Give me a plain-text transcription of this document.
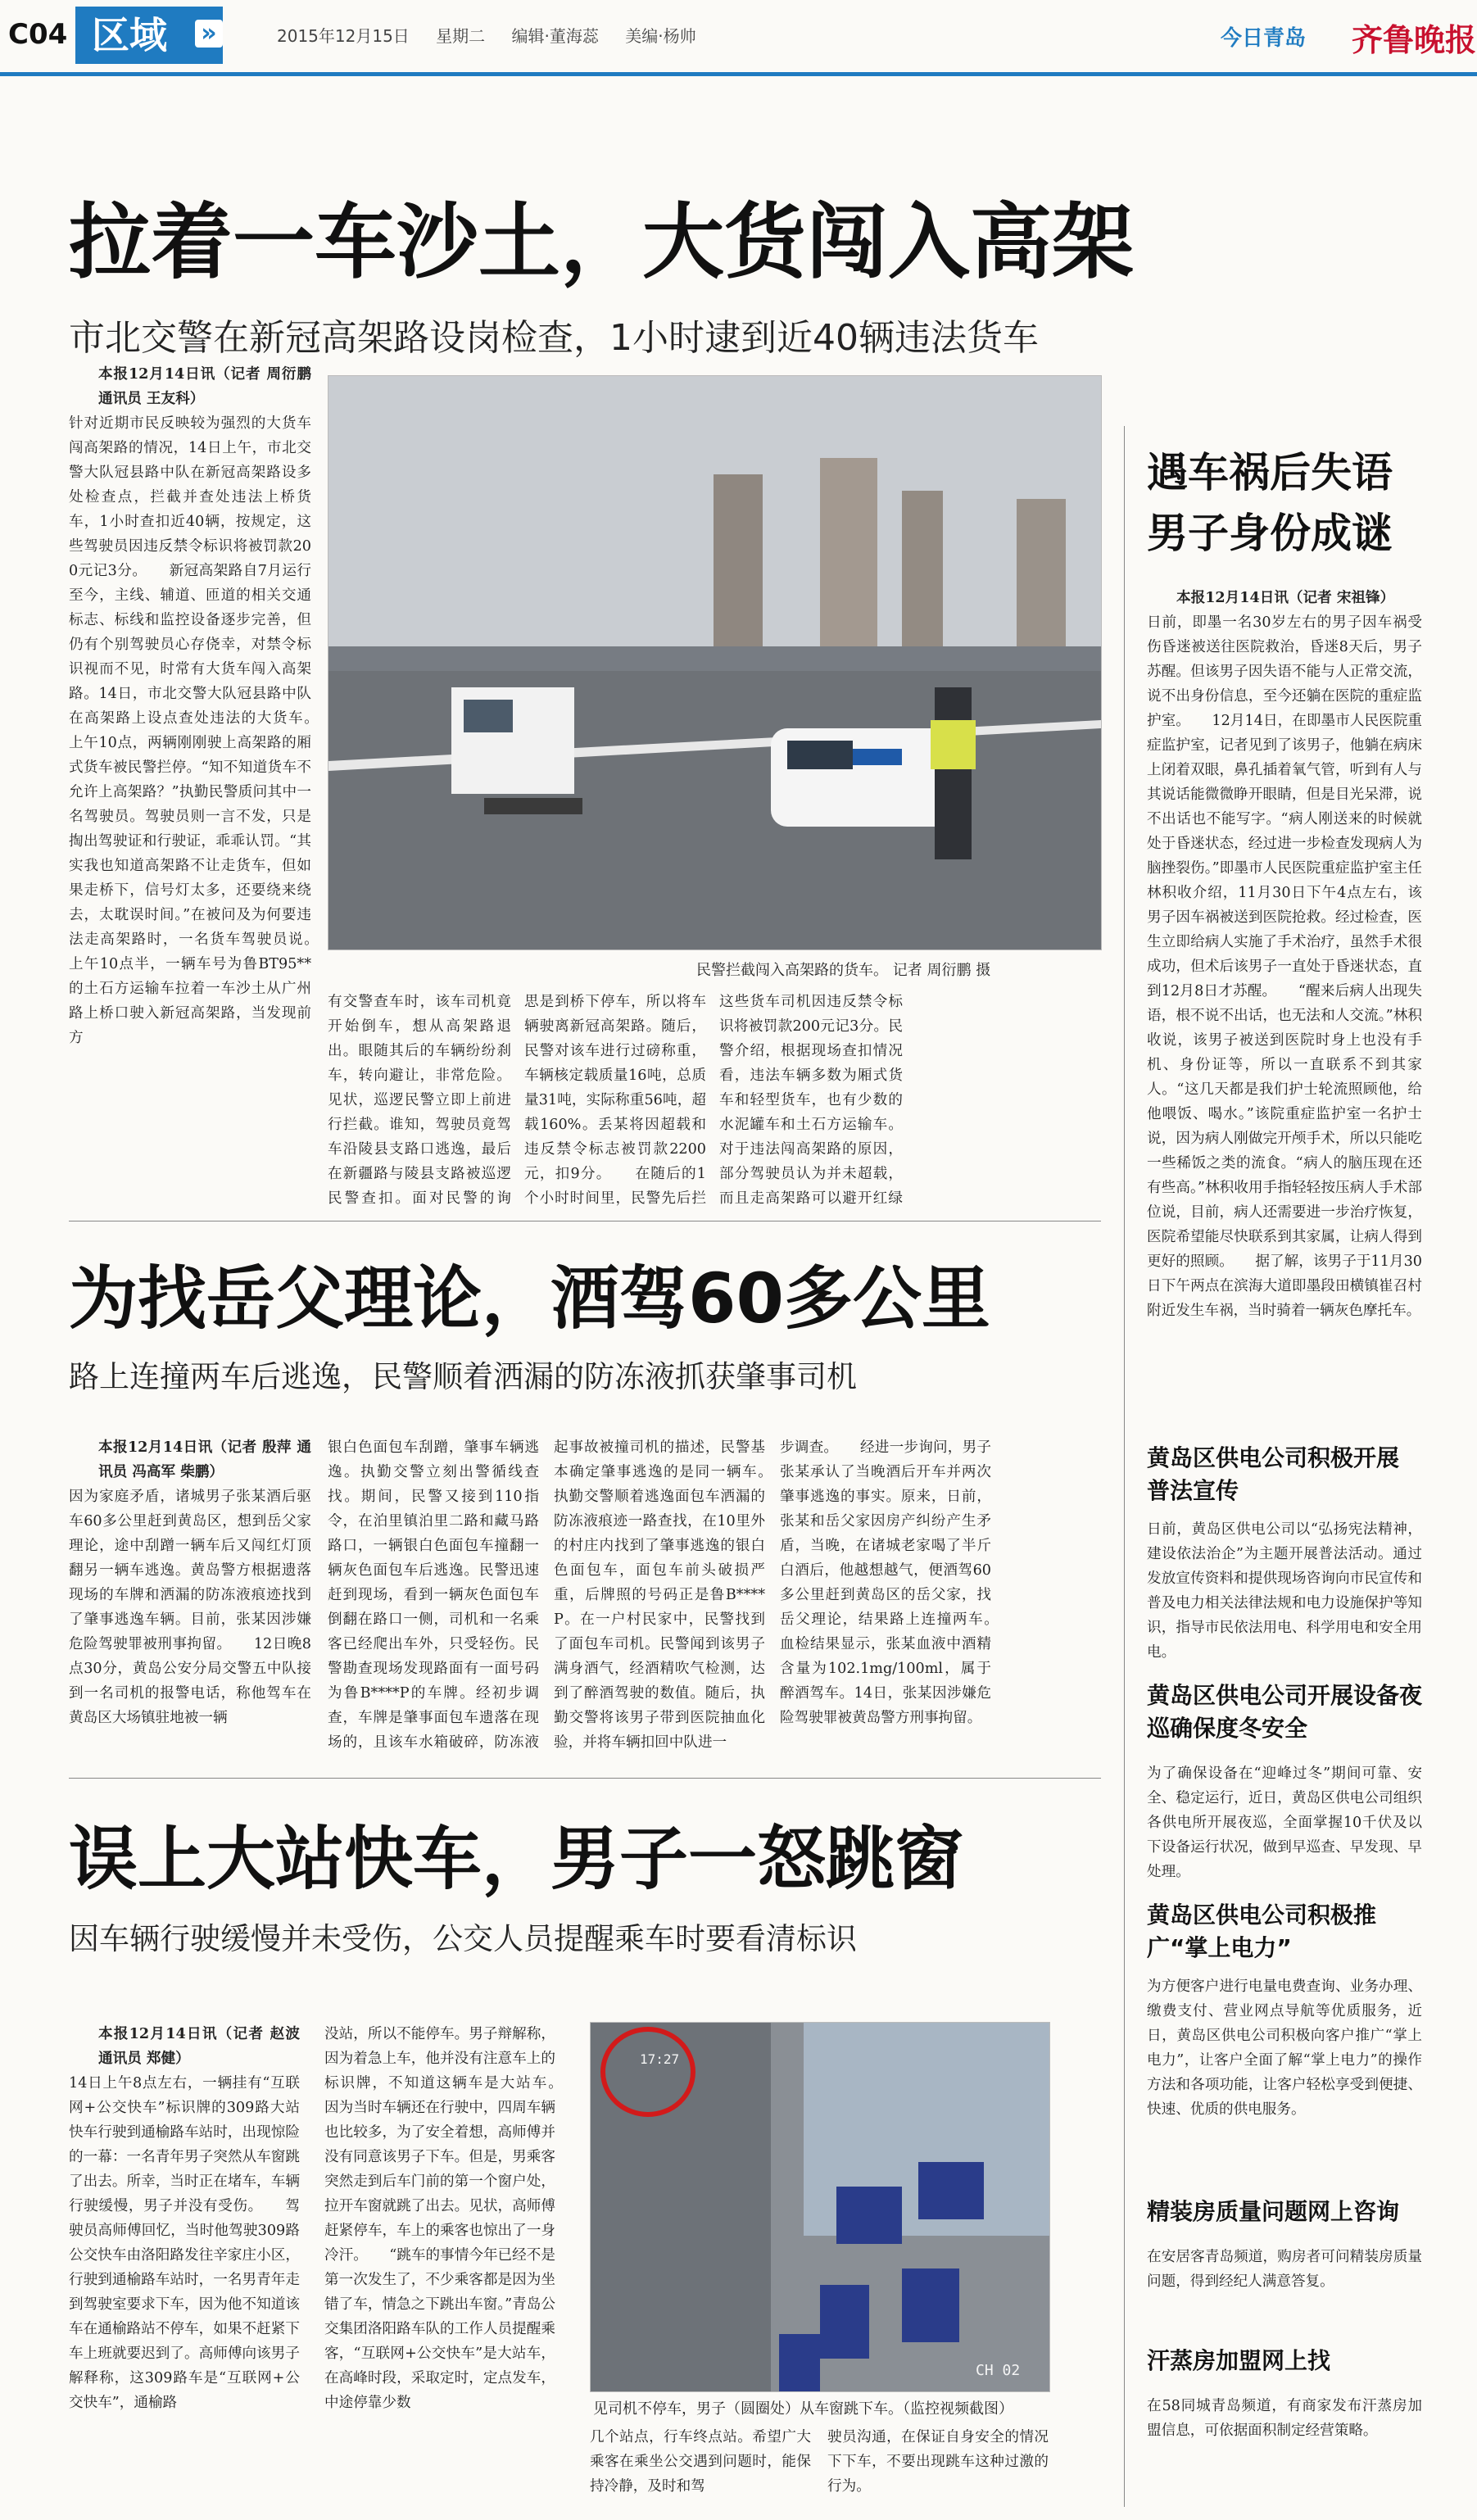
C04 区域	»	2015年12月15日 星期二 编辑·董海蕊 美编·杨帅	今日青岛 齐鲁晚报
拉着一车沙土，大货闯入高架
市北交警在新冠高架路设岗检查，1小时逮到近40辆违法货车
本报12月14日讯（记者 周衍鹏 通讯员 王友科）
针对近期市民反映较为强烈的大货车闯高架路的情况，14日上午，市北交警大队冠县路中队在新冠高架路设多处检查点，拦截并查处违法上桥货车，1小时查扣近40辆，按规定，这些驾驶员因违反禁令标识将被罚款200元记3分。　　新冠高架路自7月运行至今，主线、辅道、匝道的相关交通标志、标线和监控设备逐步完善，但仍有个别驾驶员心存侥幸，对禁令标识视而不见，时常有大货车闯入高架路。14日，市北交警大队冠县路中队在高架路上设点查处违法的大货车。　　上午10点，两辆刚刚驶上高架路的厢式货车被民警拦停。“知不知道货车不允许上高架路？”执勤民警质问其中一名驾驶员。驾驶员则一言不发，只是掏出驾驶证和行驶证，乖乖认罚。“其实我也知道高架路不让走货车，但如果走桥下，信号灯太多，还要绕来绕去，太耽误时间。”在被问及为何要违法走高架路时，一名货车驾驶员说。　　上午10点半，一辆车号为鲁BT95**的土石方运输车拉着一车沙土从广州路上桥口驶入新冠高架路，当发现前方
民警拦截闯入高架路的货车。 记者 周衍鹏 摄
有交警查车时，该车司机竟开始倒车，想从高架路退出。眼随其后的车辆纷纷刹车，转向避让，非常危险。见状，巡逻民警立即上前进行拦截。谁知，驾驶员竟驾车沿陵县支路口逃逸，最后在新疆路与陵县支路被巡逻民警查扣。面对民警的询
思是到桥下停车，所以将车辆驶离新冠高架路。随后，民警对该车进行过磅称重，车辆核定载质量16吨，总质量31吨，实际称重56吨，超载160%。丢某将因超载和违反禁令标志被罚款2200元，扣9分。　　在随后的1个小时时间里，民警先后拦
这些货车司机因违反禁令标识将被罚款200元记3分。民警介绍，根据现场查扣情况看，违法车辆多数为厢式货车和轻型货车，也有少数的水泥罐车和土石方运输车。对于违法闯高架路的原因，部分驾驶员认为并未超载，而且走高架路可以避开红绿
为找岳父理论，酒驾60多公里
路上连撞两车后逃逸，民警顺着洒漏的防冻液抓获肇事司机
本报12月14日讯（记者 殷萍 通讯员 冯高军 柴鹏）
因为家庭矛盾，诸城男子张某酒后驱车60多公里赶到黄岛区，想到岳父家理论，途中刮蹭一辆车后又闯红灯顶翻另一辆车逃逸。黄岛警方根据遗落现场的车牌和洒漏的防冻液痕迹找到了肇事逃逸车辆。目前，张某因涉嫌危险驾驶罪被刑事拘留。　　12日晚8点30分，黄岛公安分局交警五中队接到一名司机的报警电话，称他驾车在黄岛区大场镇驻地被一辆
银白色面包车刮蹭，肇事车辆逃逸。执勤交警立刻出警循线查找。期间，民警又接到110指令，在泊里镇泊里二路和藏马路路口，一辆银白色面包车撞翻一辆灰色面包车后逃逸。民警迅速赶到现场，看到一辆灰色面包车倒翻在路口一侧，司机和一名乘客已经爬出车外，只受轻伤。民警勘查现场发现路面有一面号码为鲁B****P的车牌。经初步调查，车牌是肇事面包车遗落在现场的，且该车水箱破碎，防冻液
起事故被撞司机的描述，民警基本确定肇事逃逸的是同一辆车。　　执勤交警顺着逃逸面包车洒漏的防冻液痕迹一路查找，在10里外的村庄内找到了肇事逃逸的银白色面包车，面包车前头破损严重，后牌照的号码正是鲁B****P。在一户村民家中，民警找到了面包车司机。民警闻到该男子满身酒气，经酒精吹气检测，达到了醉酒驾驶的数值。随后，执勤交警将该男子带到医院抽血化验，并将车辆扣回中队进一
步调查。　　经进一步询问，男子张某承认了当晚酒后开车并两次肇事逃逸的事实。原来，日前，张某和岳父家因房产纠纷产生矛盾，当晚，在诸城老家喝了半斤白酒后，他越想越气，便酒驾60多公里赶到黄岛区的岳父家，找岳父理论，结果路上连撞两车。　　血检结果显示，张某血液中酒精含量为102.1mg/100ml，属于醉酒驾车。14日，张某因涉嫌危险驾驶罪被黄岛警方刑事拘留。
误上大站快车，男子一怒跳窗
因车辆行驶缓慢并未受伤，公交人员提醒乘车时要看清标识
本报12月14日讯（记者 赵波 通讯员 郑健）
14日上午8点左右，一辆挂有“互联网+公交快车”标识牌的309路大站快车行驶到通榆路车站时，出现惊险的一幕：一名青年男子突然从车窗跳了出去。所幸，当时正在堵车，车辆行驶缓慢，男子并没有受伤。　　驾驶员高师傅回忆，当时他驾驶309路公交快车由洛阳路发往辛家庄小区，行驶到通榆路车站时，一名男青年走到驾驶室要求下车，因为他不知道该车在通榆路站不停车，如果不赶紧下车上班就要迟到了。高师傅向该男子解释称，这309路车是“互联网+公交快车”，通榆路
没站，所以不能停车。男子辩解称，因为着急上车，他并没有注意车上的标识牌，不知道这辆车是大站车。　　因为当时车辆还在行驶中，四周车辆也比较多，为了安全着想，高师傅并没有同意该男子下车。但是，男乘客突然走到后车门前的第一个窗户处，拉开车窗就跳了出去。见状，高师傅赶紧停车，车上的乘客也惊出了一身冷汗。　　“跳车的事情今年已经不是第一次发生了，不少乘客都是因为坐错了车，情急之下跳出车窗。”青岛公交集团洛阳路车队的工作人员提醒乘客，“互联网+公交快车”是大站车，在高峰时段，采取定时，定点发车，中途停靠少数
17:27
CH 02
见司机不停车，男子（圆圈处）从车窗跳下车。（监控视频截图）
几个站点，行车终点站。希望广大乘客在乘坐公交遇到问题时，能保持冷静，及时和驾
驶员沟通，在保证自身安全的情况下下车，不要出现跳车这种过激的行为。
遇车祸后失语 男子身份成谜
本报12月14日讯（记者 宋祖锋）
日前，即墨一名30岁左右的男子因车祸受伤昏迷被送往医院救治，昏迷8天后，男子苏醒。但该男子因失语不能与人正常交流，说不出身份信息，至今还躺在医院的重症监护室。　　12月14日，在即墨市人民医院重症监护室，记者见到了该男子，他躺在病床上闭着双眼，鼻孔插着氧气管，听到有人与其说话能微微睁开眼睛，但是目光呆滞，说不出话也不能写字。“病人刚送来的时候就处于昏迷状态，经过进一步检查发现病人为脑挫裂伤。”即墨市人民医院重症监护室主任林积收介绍，11月30日下午4点左右，该男子因车祸被送到医院抢救。经过检查，医生立即给病人实施了手术治疗，虽然手术很成功，但术后该男子一直处于昏迷状态，直到12月8日才苏醒。　　“醒来后病人出现失语，根不说不出话，也无法和人交流。”林积收说，该男子被送到医院时身上也没有手机、身份证等，所以一直联系不到其家人。“这几天都是我们护士轮流照顾他，给他喂饭、喝水。”该院重症监护室一名护士说，因为病人刚做完开颅手术，所以只能吃一些稀饭之类的流食。“病人的脑压现在还有些高。”林积收用手指轻轻按压病人手术部位说，目前，病人还需要进一步治疗恢复，医院希望能尽快联系到其家属，让病人得到更好的照顾。　　据了解，该男子于11月30日下午两点在滨海大道即墨段田横镇崔召村附近发生车祸，当时骑着一辆灰色摩托车。
黄岛区供电公司积极开展普法宣传
日前，黄岛区供电公司以“弘扬宪法精神，建设依法治企”为主题开展普法活动。通过发放宣传资料和提供现场咨询向市民宣传和普及电力相关法律法规和电力设施保护等知识，指导市民依法用电、科学用电和安全用电。
黄岛区供电公司开展设备夜巡确保度冬安全
为了确保设备在“迎峰过冬”期间可靠、安全、稳定运行，近日，黄岛区供电公司组织各供电所开展夜巡，全面掌握10千伏及以下设备运行状况，做到早巡查、早发现、早处理。
黄岛区供电公司积极推广“掌上电力”
为方便客户进行电量电费查询、业务办理、缴费支付、营业网点导航等优质服务，近日，黄岛区供电公司积极向客户推广“掌上电力”，让客户全面了解“掌上电力”的操作方法和各项功能，让客户轻松享受到便捷、快速、优质的供电服务。
精装房质量问题网上咨询
在安居客青岛频道，购房者可问精装房质量问题，得到经纪人满意答复。
汗蒸房加盟网上找
在58同城青岛频道，有商家发布汗蒸房加盟信息，可依据面积制定经营策略。
